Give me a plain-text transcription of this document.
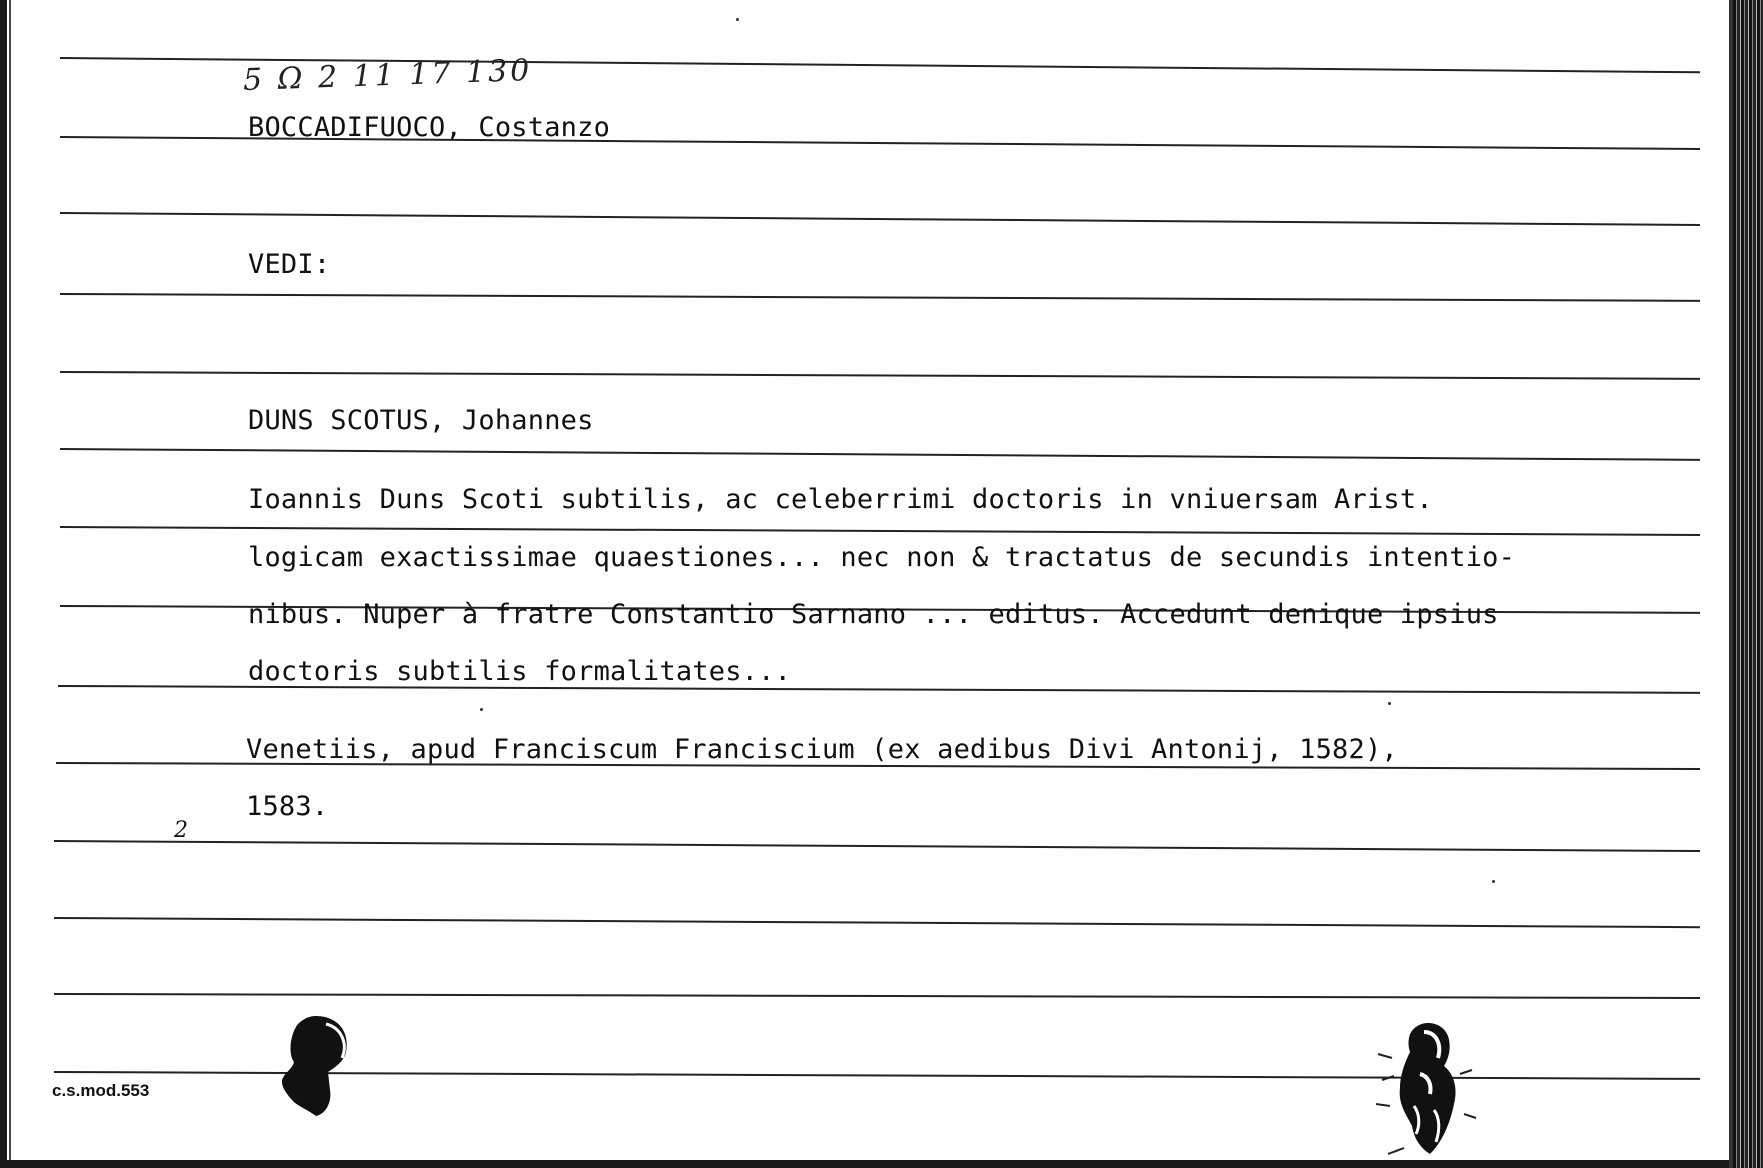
5 Ω 2 11 17 130
BOCCADIFUOCO, Costanzo
VEDI:
DUNS SCOTUS, Johannes
Ioannis Duns Scoti subtilis, ac celeberrimi doctoris in vniuersam Arist.
logicam exactissimae quaestiones... nec non & tractatus de secundis intentio-
nibus. Nuper à fratre Constantio Sarnano ... editus. Accedunt denique ipsius
doctoris subtilis formalitates...
Venetiis, apud Franciscum Franciscium (ex aedibus Divi Antonij, 1582),
1583.
2
c.s.mod.553
